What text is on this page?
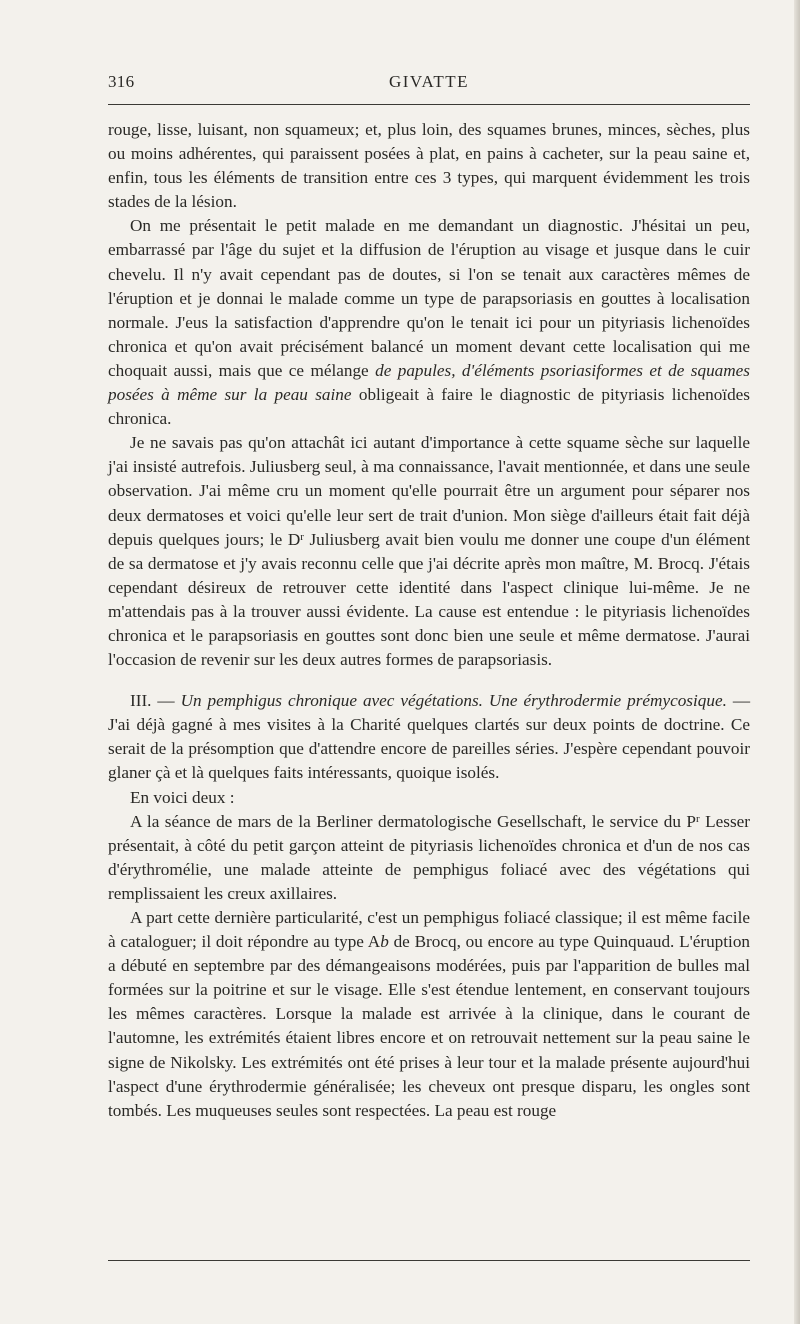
316	GIVATTE

rouge, lisse, luisant, non squameux; et, plus loin, des squames brunes, minces, sèches, plus ou moins adhérentes, qui paraissent posées à plat, en pains à cacheter, sur la peau saine et, enfin, tous les éléments de transition entre ces 3 types, qui marquent évidemment les trois stades de la lésion.

On me présentait le petit malade en me demandant un diagnostic. J'hésitai un peu, embarrassé par l'âge du sujet et la diffusion de l'éruption au visage et jusque dans le cuir chevelu. Il n'y avait cependant pas de doutes, si l'on se tenait aux caractères mêmes de l'éruption et je donnai le malade comme un type de parapsoriasis en gouttes à localisation normale. J'eus la satisfaction d'apprendre qu'on le tenait ici pour un pityriasis lichenoïdes chronica et qu'on avait précisément balancé un moment devant cette localisation qui me choquait aussi, mais que ce mélange de papules, d'éléments psoriasiformes et de squames posées à même sur la peau saine obligeait à faire le diagnostic de pityriasis lichenoïdes chronica.

Je ne savais pas qu'on attachât ici autant d'importance à cette squame sèche sur laquelle j'ai insisté autrefois. Juliusberg seul, à ma connaissance, l'avait mentionnée, et dans une seule observation. J'ai même cru un moment qu'elle pourrait être un argument pour séparer nos deux dermatoses et voici qu'elle leur sert de trait d'union. Mon siège d'ailleurs était fait déjà depuis quelques jours; le $D^r$ Juliusberg avait bien voulu me donner une coupe d'un élément de sa dermatose et j'y avais reconnu celle que j'ai décrite après mon maître, M. Brocq. J'étais cependant désireux de retrouver cette identité dans l'aspect clinique lui-même. Je ne m'attendais pas à la trouver aussi évidente. La cause est entendue : le pityriasis lichenoïdes chronica et le parapsoriasis en gouttes sont donc bien une seule et même dermatose. J'aurai l'occasion de revenir sur les deux autres formes de parapsoriasis.

III. — Un pemphigus chronique avec végétations. Une érythrodermie prémycosique. — J'ai déjà gagné à mes visites à la Charité quelques clartés sur deux points de doctrine. Ce serait de la présomption que d'attendre encore de pareilles séries. J'espère cependant pouvoir glaner çà et là quelques faits intéressants, quoique isolés.

En voici deux :

A la séance de mars de la Berliner dermatologische Gesellschaft, le service du $P^r$ Lesser présentait, à côté du petit garçon atteint de pityriasis lichenoïdes chronica et d'un de nos cas d'érythromélie, une malade atteinte de pemphigus foliacé avec des végétations qui remplissaient les creux axillaires.

A part cette dernière particularité, c'est un pemphigus foliacé classique; il est même facile à cataloguer; il doit répondre au type Ab de Brocq, ou encore au type Quinquaud. L'éruption a débuté en septembre par des démangeaisons modérées, puis par l'apparition de bulles mal formées sur la poitrine et sur le visage. Elle s'est étendue lentement, en conservant toujours les mêmes caractères. Lorsque la malade est arrivée à la clinique, dans le courant de l'automne, les extrémités étaient libres encore et on retrouvait nettement sur la peau saine le signe de Nikolsky. Les extrémités ont été prises à leur tour et la malade présente aujourd'hui l'aspect d'une érythrodermie généralisée; les cheveux ont presque disparu, les ongles sont tombés. Les muqueuses seules sont respectées. La peau est rouge
